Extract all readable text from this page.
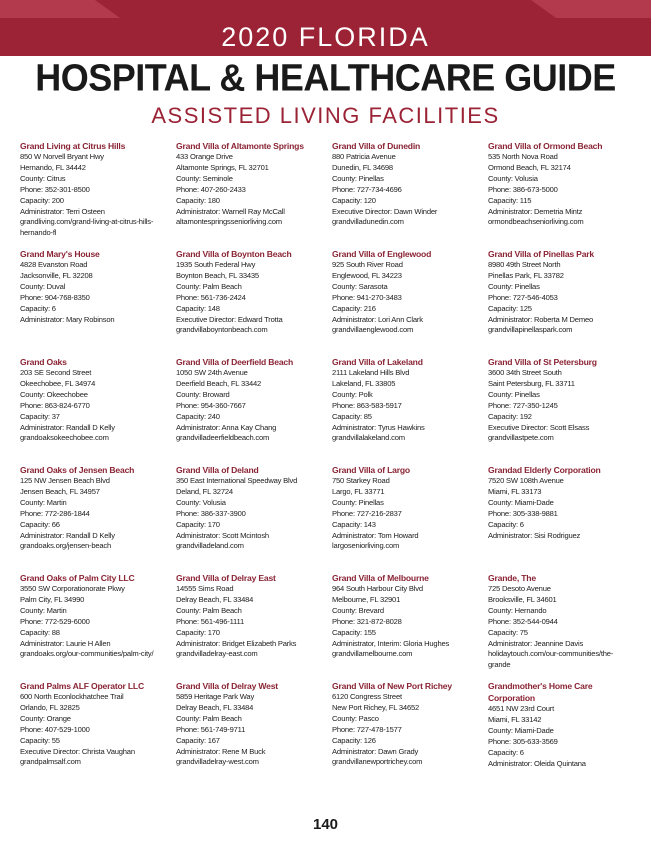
2020 FLORIDA
HOSPITAL & HEALTHCARE GUIDE
ASSISTED LIVING FACILITIES
Grand Living at Citrus Hills
850 W Norvell Bryant Hwy
Hernando, FL 34442
County: Citrus
Phone: 352-301-8500
Capacity: 200
Administrator: Terri Osteen
grandliving.com/grand-living-at-citrus-hills-
hernando-fl
Grand Mary's House
4828 Evanston Road
Jacksonville, FL 32208
County: Duval
Phone: 904-768-8350
Capacity: 6
Administrator: Mary Robinson
Grand Oaks
203 SE Second Street
Okeechobee, FL 34974
County: Okeechobee
Phone: 863-824-6770
Capacity: 37
Administrator: Randall D Kelly
grandoaksokeechobee.com
Grand Oaks of Jensen Beach
125 NW Jensen Beach Blvd
Jensen Beach, FL 34957
County: Martin
Phone: 772-286-1844
Capacity: 66
Administrator: Randall D Kelly
grandoaks.org/jensen-beach
Grand Oaks of Palm City LLC
3550 SW Corporationorate Pkwy
Palm City, FL 34990
County: Martin
Phone: 772-529-6000
Capacity: 88
Administrator: Laurie H Allen
grandoaks.org/our-communities/palm-city/
Grand Palms ALF Operator LLC
600 North Econlockhatchee Trail
Orlando, FL 32825
County: Orange
Phone: 407-529-1000
Capacity: 55
Executive Director: Christa Vaughan
grandpalmsalf.com
Grand Villa of Altamonte Springs
433 Orange Drive
Altamonte Springs, FL 32701
County: Seminole
Phone: 407-260-2433
Capacity: 180
Administrator: Warnell Ray McCall
altamontespringsseniorliving.com
Grand Villa of Boynton Beach
1935 South Federal Hwy
Boynton Beach, FL 33435
County: Palm Beach
Phone: 561-736-2424
Capacity: 148
Executive Director: Edward Trotta
grandvillaboyntonbeach.com
Grand Villa of Deerfield Beach
1050 SW 24th Avenue
Deerfield Beach, FL 33442
County: Broward
Phone: 954-360-7667
Capacity: 240
Administrator: Anna Kay Chang
grandvilladeerfieldbeach.com
Grand Villa of Deland
350 East International Speedway Blvd
Deland, FL 32724
County: Volusia
Phone: 386-337-3900
Capacity: 170
Administrator: Scott Mcintosh
grandvilladeland.com
Grand Villa of Delray East
14555 Sims Road
Delray Beach, FL 33484
County: Palm Beach
Phone: 561-496-1111
Capacity: 170
Administrator: Bridget Elizabeth Parks
grandvilladelray-east.com
Grand Villa of Delray West
5859 Heritage Park Way
Delray Beach, FL 33484
County: Palm Beach
Phone: 561-749-9711
Capacity: 167
Administrator: Rene M Buck
grandvilladelray-west.com
Grand Villa of Dunedin
880 Patricia Avenue
Dunedin, FL 34698
County: Pinellas
Phone: 727-734-4696
Capacity: 120
Executive Director: Dawn Winder
grandvilladunedin.com
Grand Villa of Englewood
925 South River Road
Englewood, FL 34223
County: Sarasota
Phone: 941-270-3483
Capacity: 216
Administrator: Lori Ann Clark
grandvillaenglewood.com
Grand Villa of Lakeland
2111 Lakeland Hills Blvd
Lakeland, FL 33805
County: Polk
Phone: 863-583-5917
Capacity: 85
Administrator: Tyrus Hawkins
grandvillalakeland.com
Grand Villa of Largo
750 Starkey Road
Largo, FL 33771
County: Pinellas
Phone: 727-216-2837
Capacity: 143
Administrator: Tom Howard
largoseniorliving.com
Grand Villa of Melbourne
964 South Harbour City Blvd
Melbourne, FL 32901
County: Brevard
Phone: 321-872-8028
Capacity: 155
Administrator, Interim: Gloria Hughes
grandvillamelbourne.com
Grand Villa of New Port Richey
6120 Congress Street
New Port Richey, FL 34652
County: Pasco
Phone: 727-478-1577
Capacity: 126
Administrator: Dawn Grady
grandvillanewportrichey.com
Grand Villa of Ormond Beach
535 North Nova Road
Ormond Beach, FL 32174
County: Volusia
Phone: 386-673-5000
Capacity: 115
Administrator: Demetria Mintz
ormondbeachseniorliving.com
Grand Villa of Pinellas Park
8980 49th Street North
Pinellas Park, FL 33782
County: Pinellas
Phone: 727-546-4053
Capacity: 125
Administrator: Roberta M Demeo
grandvillapinellaspark.com
Grand Villa of St Petersburg
3600 34th Street South
Saint Petersburg, FL 33711
County: Pinellas
Phone: 727-350-1245
Capacity: 192
Executive Director: Scott Elsass
grandvillastpete.com
Grandad Elderly Corporation
7520 SW 108th Avenue
Miami, FL 33173
County: Miami-Dade
Phone: 305-338-9881
Capacity: 6
Administrator: Sisi Rodriguez
Grande, The
725 Desoto Avenue
Brooksville, FL 34601
County: Hernando
Phone: 352-544-0944
Capacity: 75
Administrator: Jeannine Davis
holidaytouch.com/our-communities/the-
grande
Grandmother's Home Care Corporation
4651 NW 23rd Court
Miami, FL 33142
County: Miami-Dade
Phone: 305-633-3569
Capacity: 6
Administrator: Oleida Quintana
140
